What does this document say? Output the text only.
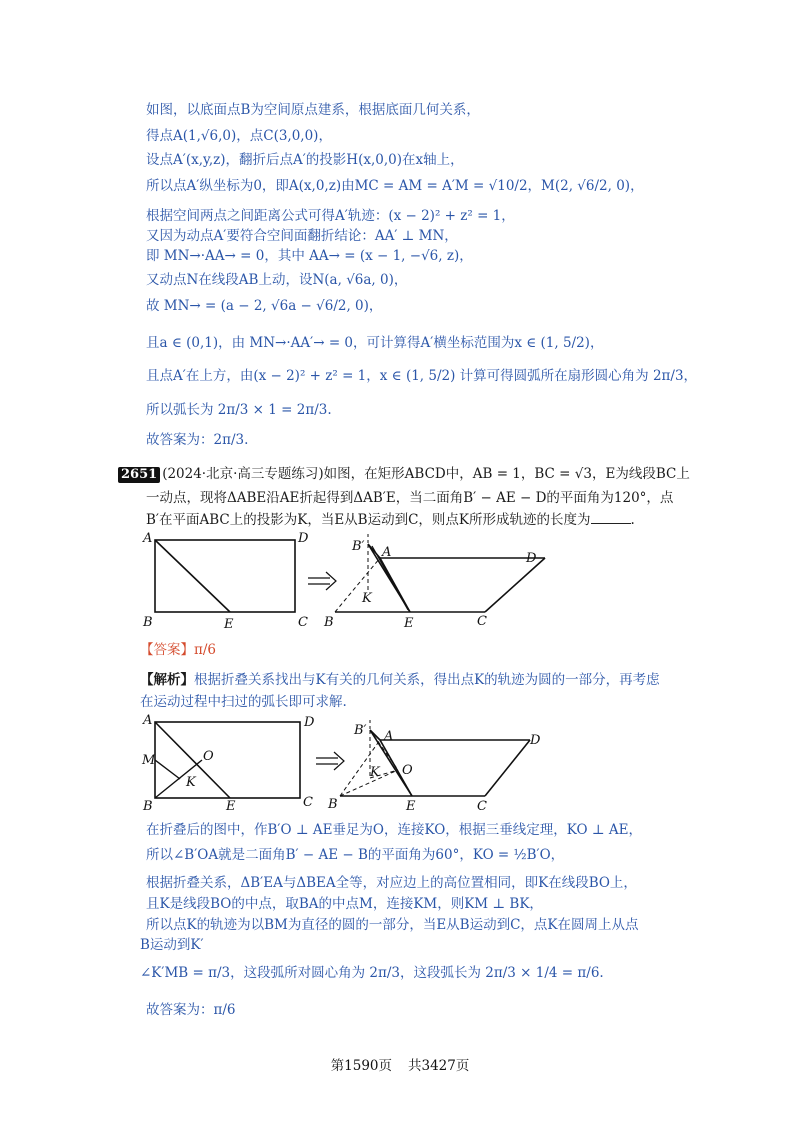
如图，以底面点B为空间原点建系，根据底面几何关系，
得点A(1,√6,0)，点C(3,0,0)，
设点A′(x,y,z)，翻折后点A′的投影H(x,0,0)在x轴上，
所以点A′纵坐标为0，即A(x,0,z)由MC = AM = A′M = √10/2，M(2, √6/2, 0)，
根据空间两点之间距离公式可得A′轨迹：(x − 2)² + z² = 1，
又因为动点A′要符合空间面翻折结论：AA′ ⊥ MN，
即 MN→·AA→ = 0，其中 AA→ = (x − 1, −√6, z)，
又动点N在线段AB上动，设N(a, √6a, 0)，
故 MN→ = (a − 2, √6a − √6/2, 0)，
且a ∈ (0,1)，由 MN→·AA′→ = 0，可计算得A′横坐标范围为x ∈ (1, 5/2)，
且点A′在上方，由(x − 2)² + z² = 1，x ∈ (1, 5/2) 计算可得圆弧所在扇形圆心角为 2π/3，
所以弧长为 2π/3 × 1 = 2π/3.
故答案为：2π/3.
2651 (2024·北京·高三专题练习)如图，在矩形ABCD中，AB = 1，BC = √3，E为线段BC上
一动点，现将ΔABE沿AE折起得到ΔAB′E，当二面角B′ − AE − D的平面角为120°，点
B′在平面ABC上的投影为K，当E从B运动到C，则点K所形成轨迹的长度为	.
A	D
B	C
E
B′ A	D
K
B	E	C
【答案】π/6
【解析】根据折叠关系找出与K有关的几何关系，得出点K的轨迹为圆的一部分，再考虑
在运动过程中扫过的弧长即可求解.
A	D
M	O
K
B	E	C
B′ A	D
O
K
B	E	C
在折叠后的图中，作B′O ⊥ AE垂足为O，连接KO，根据三垂线定理，KO ⊥ AE，
所以∠B′OA就是二面角B′ − AE − B的平面角为60°，KO = ½B′O，
根据折叠关系，ΔB′EA与ΔBEA全等，对应边上的高位置相同，即K在线段BO上，
且K是线段BO的中点，取BA的中点M，连接KM，则KM ⊥ BK，
所以点K的轨迹为以BM为直径的圆的一部分，当E从B运动到C，点K在圆周上从点
B运动到K′
∠K′MB = π/3，这段弧所对圆心角为 2π/3，这段弧长为 2π/3 × 1/4 = π/6.
故答案为：π/6
第1590页 共3427页
